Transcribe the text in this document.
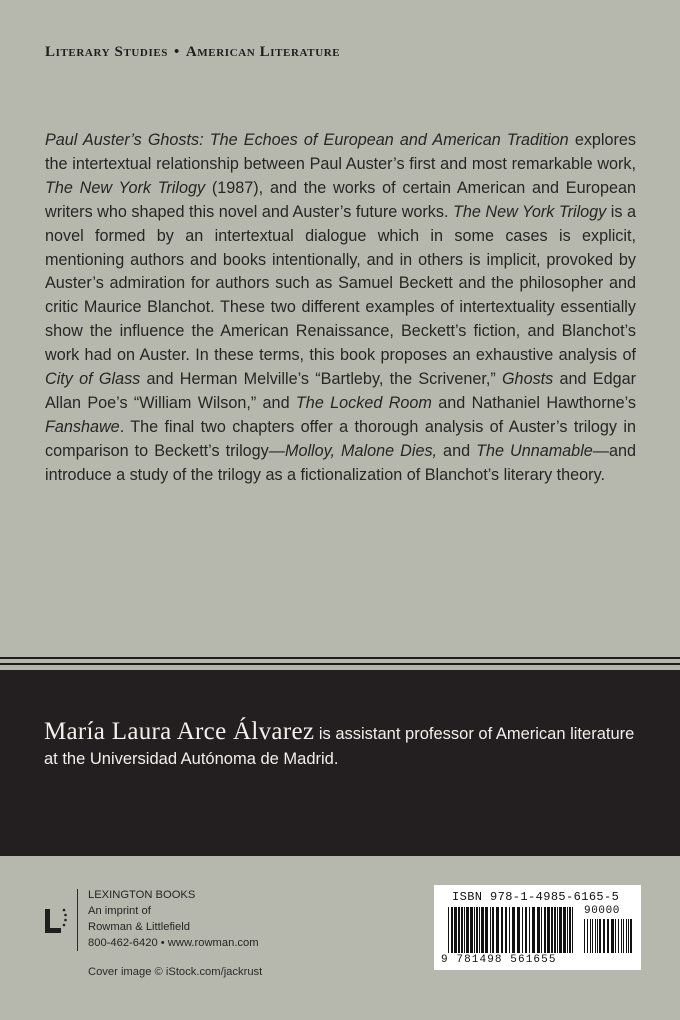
Literary Studies • American Literature

Paul Auster’s Ghosts: The Echoes of European and American Tradition explores the intertextual relationship between Paul Auster’s first and most remarkable work, The New York Trilogy (1987), and the works of certain American and European writers who shaped this novel and Auster’s future works. The New York Trilogy is a novel formed by an intertextual dialogue which in some cases is explicit, mentioning authors and books intentionally, and in others is implicit, provoked by Auster’s admiration for authors such as Samuel Beckett and the philosopher and critic Maurice Blanchot. These two different examples of intertextuality essentially show the influence the American Renaissance, Beckett’s fiction, and Blanchot’s work had on Auster. In these terms, this book proposes an exhaustive analysis of City of Glass and Herman Melville’s “Bartleby, the Scrivener,” Ghosts and Edgar Allan Poe’s “William Wilson,” and The Locked Room and Nathaniel Hawthorne’s Fanshawe. The final two chapters offer a thorough analysis of Auster’s trilogy in comparison to Beckett’s trilogy—Molloy, Malone Dies, and The Unnamable—and introduce a study of the trilogy as a fictionalization of Blanchot’s literary theory.

María Laura Arce Álvarez is assistant professor of American literature at the Universidad Autónoma de Madrid.

LEXINGTON BOOKS
An imprint of
Rowman & Littlefield
800-462-6420 • www.rowman.com
Cover image © iStock.com/jackrust
ISBN 978-1-4985-6165-5
90000
9 781498 561655
